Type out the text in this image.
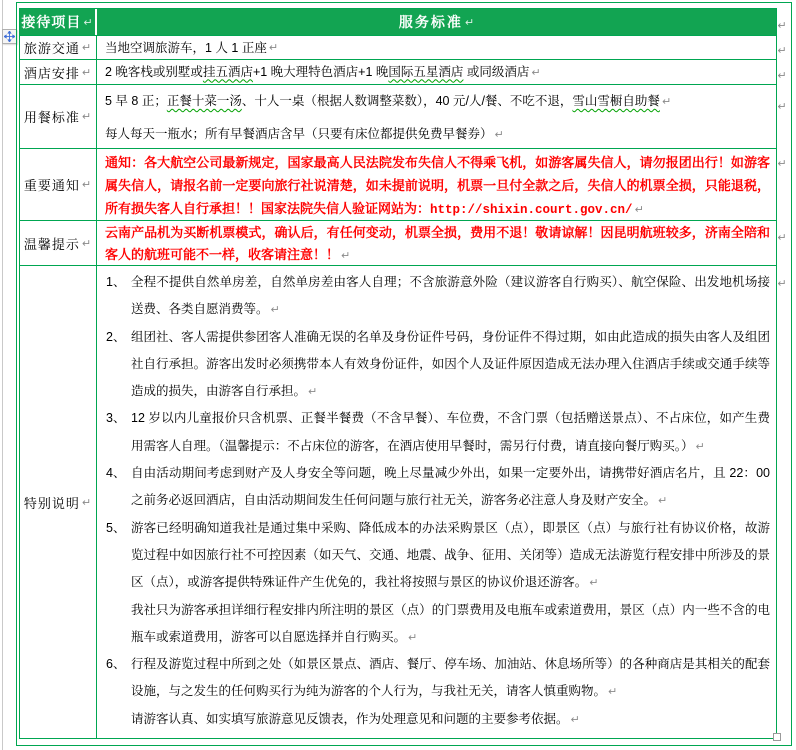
接待项目 ↵	服务标准 ↵
旅游交通 ↵ 当地空调旅游车，1 人 1 正座 ↵
酒店安排 ↵ 2 晚客栈或别墅或挂五酒店+1 晚大理特色酒店+1 晚国际五星酒店 或同级酒店 ↵
用餐标准 ↵
5 早 8 正；正餐十菜一汤、十人一桌（根据人数调整菜数），40 元/人/餐、不吃不退，雪山雪橱自助餐 ↵
每人每天一瓶水；所有早餐酒店含早（只要有床位都提供免费早餐券） ↵
重要通知 ↵
通知：各大航空公司最新规定，国家最高人民法院发布失信人不得乘飞机，如游客属失信人，请勿报团出行！如游客属失信人，请报名前一定要向旅行社说清楚，如未提前说明，机票一旦付全款之后，失信人的机票全损，只能退税，所有损失客人自行承担！！国家法院失信人验证网站为：http://shixin.court.gov.cn/ ↵
温馨提示 ↵
云南产品机为买断机票模式，确认后，有任何变动，机票全损，费用不退！敬请谅解！因昆明航班较多，济南全陪和客人的航班可能不一样，收客请注意！！ ↵
特别说明 ↵
1、 全程不提供自然单房差，自然单房差由客人自理；不含旅游意外险（建议游客自行购买）、航空保险、出发地机场接送费、各类自愿消费等。 ↵
2、 组团社、客人需提供参团客人准确无误的名单及身份证件号码，身份证件不得过期，如由此造成的损失由客人及组团社自行承担。游客出发时必须携带本人有效身份证件，如因个人及证件原因造成无法办理入住酒店手续或交通手续等造成的损失，由游客自行承担。 ↵
3、 12 岁以内儿童报价只含机票、正餐半餐费（不含早餐）、车位费，不含门票（包括赠送景点）、不占床位，如产生费用需客人自理。（温馨提示：不占床位的游客，在酒店使用早餐时，需另行付费，请直接向餐厅购买。） ↵
4、 自由活动期间考虑到财产及人身安全等问题，晚上尽量减少外出，如果一定要外出，请携带好酒店名片，且 22：00 之前务必返回酒店，自由活动期间发生任何问题与旅行社无关，游客务必注意人身及财产安全。 ↵
5、 游客已经明确知道我社是通过集中采购、降低成本的办法采购景区（点），即景区（点）与旅行社有协议价格，故游览过程中如因旅行社不可控因素（如天气、交通、地震、战争、征用、关闭等）造成无法游览行程安排中所涉及的景区（点），或游客提供特殊证件产生优免的，我社将按照与景区的协议价退还游客。 ↵
我社只为游客承担详细行程安排内所注明的景区（点）的门票费用及电瓶车或索道费用，景区（点）内一些不含的电瓶车或索道费用，游客可以自愿选择并自行购买。 ↵
6、 行程及游览过程中所到之处（如景区景点、酒店、餐厅、停车场、加油站、休息场所等）的各种商店是其相关的配套设施，与之发生的任何购买行为纯为游客的个人行为，与我社无关，请客人慎重购物。 ↵
请游客认真、如实填写旅游意见反馈表，作为处理意见和问题的主要参考依据。 ↵
↵
↵
↵
↵
↵
↵
↵
